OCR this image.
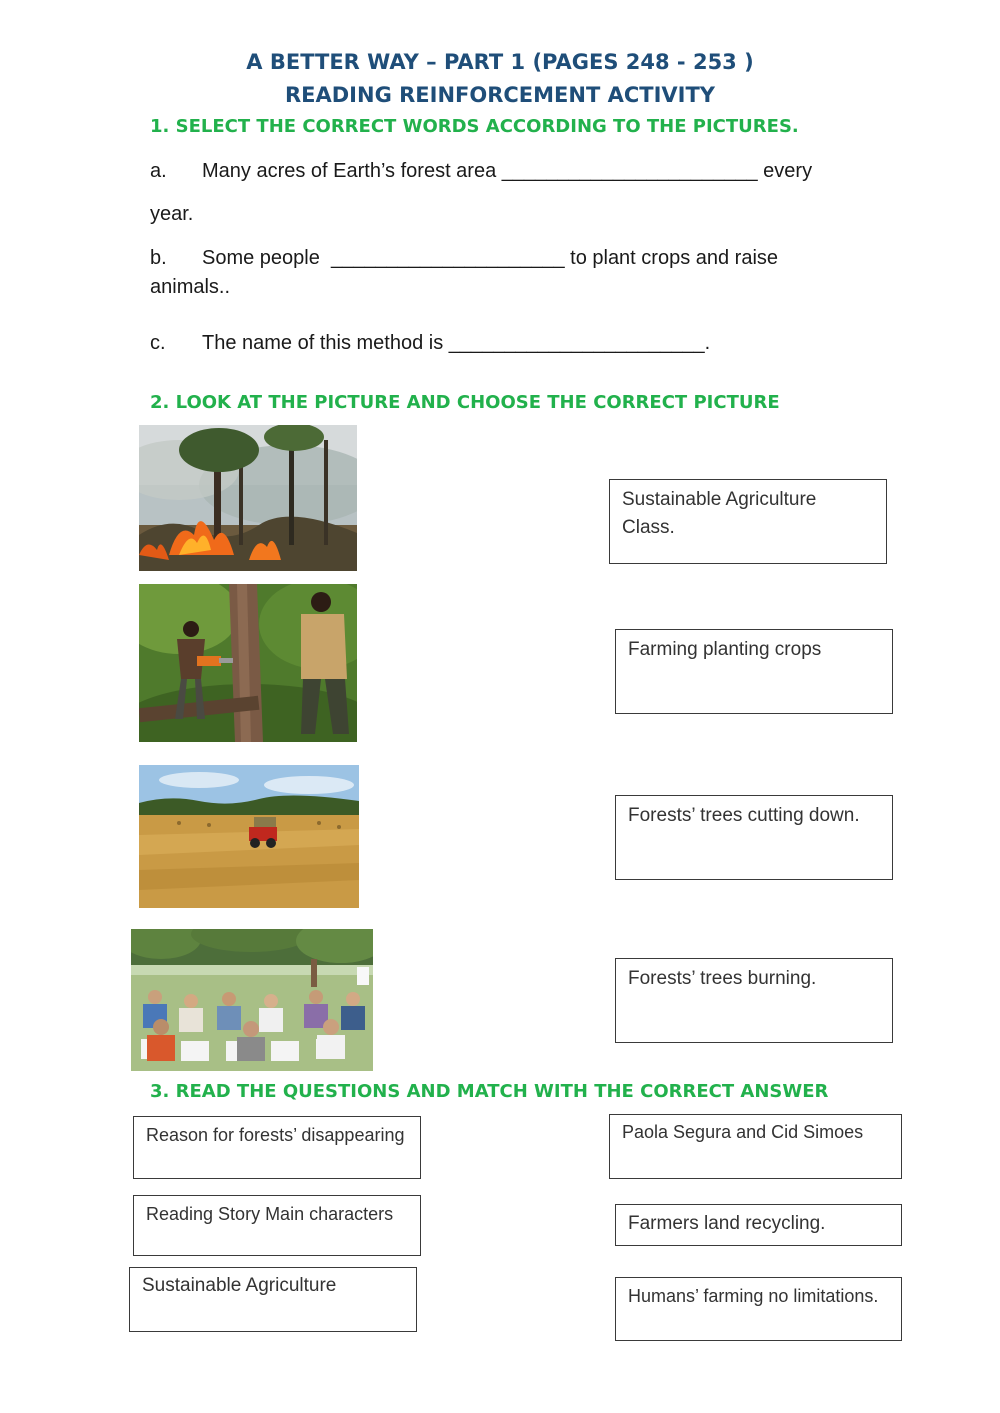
A BETTER WAY – PART 1 (PAGES 248 - 253 )
READING REINFORCEMENT ACTIVITY
1. SELECT THE CORRECT WORDS ACCORDING TO THE PICTURES.
a. Many acres of Earth’s forest area _______________________ every
year.
b. Some people  _____________________ to plant crops and raise
animals..
c. The name of this method is _______________________.
2. LOOK AT THE PICTURE AND CHOOSE THE CORRECT PICTURE
Sustainable Agriculture Class.
Farming planting crops
Forests’ trees cutting down.
Forests’ trees burning.
3. READ THE QUESTIONS AND MATCH WITH THE CORRECT ANSWER
Reason for forests’ disappearing
Reading Story Main characters
Sustainable Agriculture
Paola Segura and Cid Simoes
Farmers land recycling.
Humans’ farming no limitations.
